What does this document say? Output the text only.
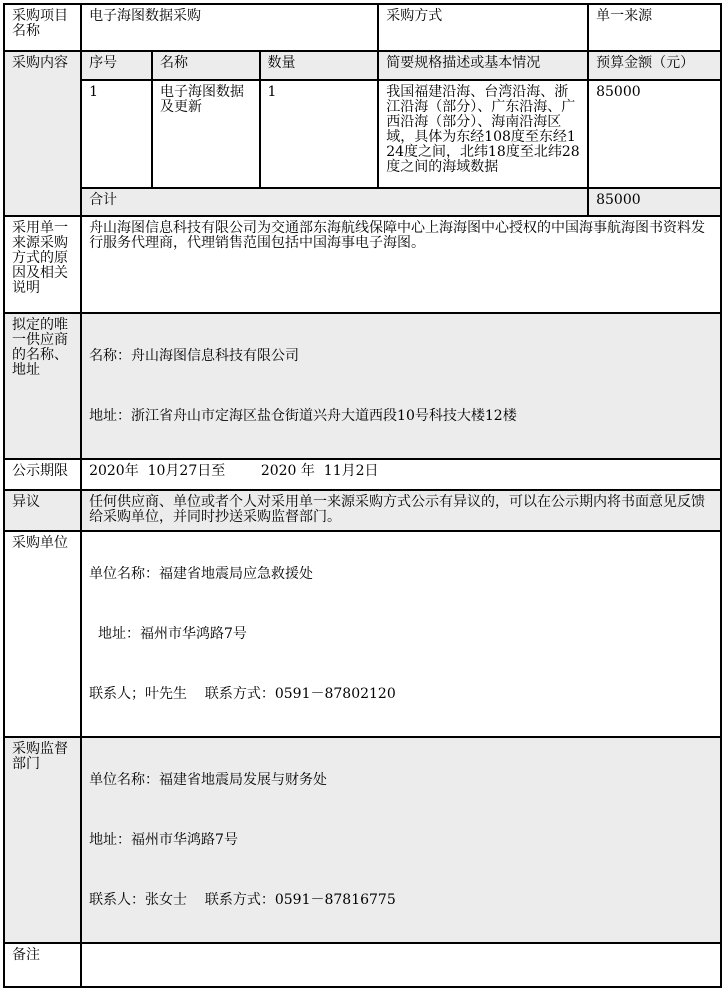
采购项目名称	电子海图数据采购			采购方式	单一来源
采购内容	序号	名称	数量	简要规格描述或基本情况	预算金额（元）
	1	电子海图数据及更新	1	我国福建沿海、台湾沿海、浙江沿海（部分）、广东沿海、广西沿海（部分）、海南沿海区域，具体为东经108度至东经124度之间，北纬18度至北纬28度之间的海域数据	85000
	合计				85000
采用单一来源采购方式的原因及相关说明	舟山海图信息科技有限公司为交通部东海航线保障中心上海海图中心授权的中国海事航海图书资料发行服务代理商，代理销售范围包括中国海事电子海图。				
拟定的唯一供应商的名称、地址	名称：舟山海图信息科技有限公司

地址：浙江省舟山市定海区盐仓街道兴舟大道西段10号科技大楼12楼				

公示期限	2020年  10月27日至        2020 年  11月2日				
异议	任何供应商、单位或者个人对采用单一来源采购方式公示有异议的，可以在公示期内将书面意见反馈给采购单位，并同时抄送采购监督部门。				
采购单位	单位名称：福建省地震局应急救援处

地址：福州市华鸿路7号

联系人；叶先生    联系方式：0591－87802120				

采购监督部门	单位名称：福建省地震局发展与财务处

地址：福州市华鸿路7号

联系人：张女士    联系方式：0591－87816775				

备注					
